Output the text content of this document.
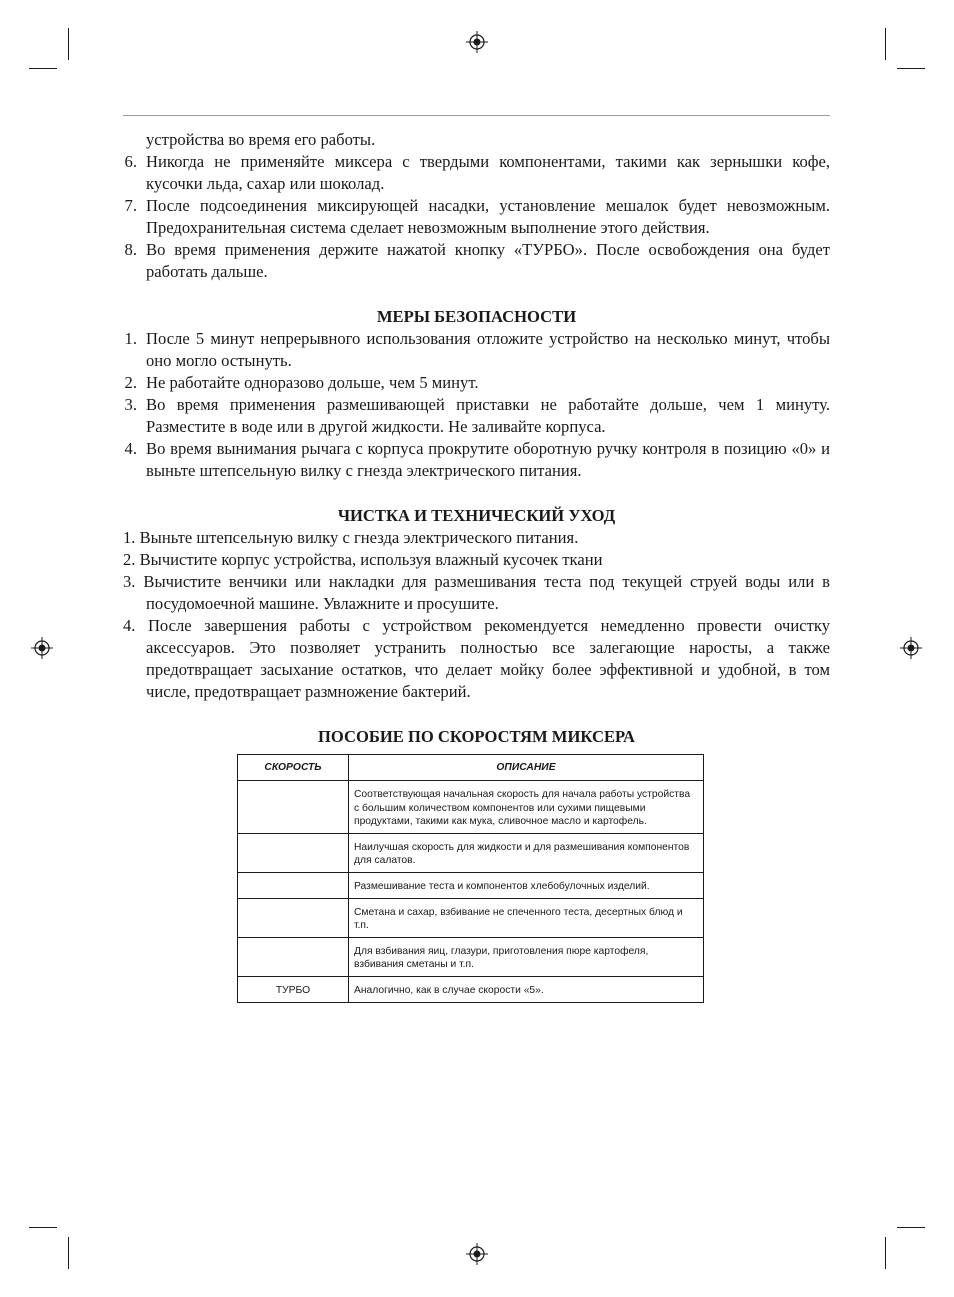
устройства во время его работы.
6. Никогда не применяйте миксера с твердыми компонентами, такими как зернышки кофе, кусочки льда, сахар или шоколад.
7. После подсоединения миксирующей насадки, установление мешалок будет невозможным. Предохранительная система сделает невозможным выполнение этого действия.
8. Во время применения держите нажатой кнопку «ТУРБО». После освобождения она будет работать дальше.
МЕРЫ БЕЗОПАСНОСТИ
1. После 5 минут непрерывного использования отложите устройство на несколько минут, чтобы оно могло остынуть.
2. Не работайте одноразово дольше, чем 5 минут.
3. Во время применения размешивающей приставки не работайте дольше, чем 1 минуту. Разместите в воде или в другой жидкости. Не заливайте корпуса.
4. Во время вынимания рычага с корпуса прокрутите оборотную ручку контроля в позицию «0» и выньте штепсельную вилку с гнезда электрического питания.
ЧИСТКА И ТЕХНИЧЕСКИЙ УХОД
1. Выньте штепсельную вилку с гнезда электрического питания.
2. Вычистите корпус устройства, используя влажный кусочек ткани
3. Вычистите венчики или накладки для размешивания теста под текущей струей воды или в посудомоечной машине. Увлажните и просушите.
4. После завершения работы с устройством рекомендуется немедленно провести очистку аксессуаров. Это позволяет устранить полностью все залегающие наросты, а также предотвращает засыхание остатков, что делает мойку более эффективной и удобной, в том числе, предотвращает размножение бактерий.
ПОСОБИЕ ПО СКОРОСТЯМ МИКСЕРА
СКОРОСТЬ	ОПИСАНИЕ
	Соответствующая начальная скорость для начала работы устройства с большим количеством компонентов или сухими пищевыми продуктами, такими как мука, сливочное масло и картофель.
	Наилучшая скорость для жидкости и для размешивания компонентов для салатов.
	Размешивание теста и компонентов хлебобулочных изделий.
	Сметана и сахар, взбивание не спеченного теста, десертных блюд и т.п.
	Для взбивания яиц, глазури, приготовления пюре картофеля, взбивания сметаны и т.п.
ТУРБО	Аналогично, как в случае скорости «5».
